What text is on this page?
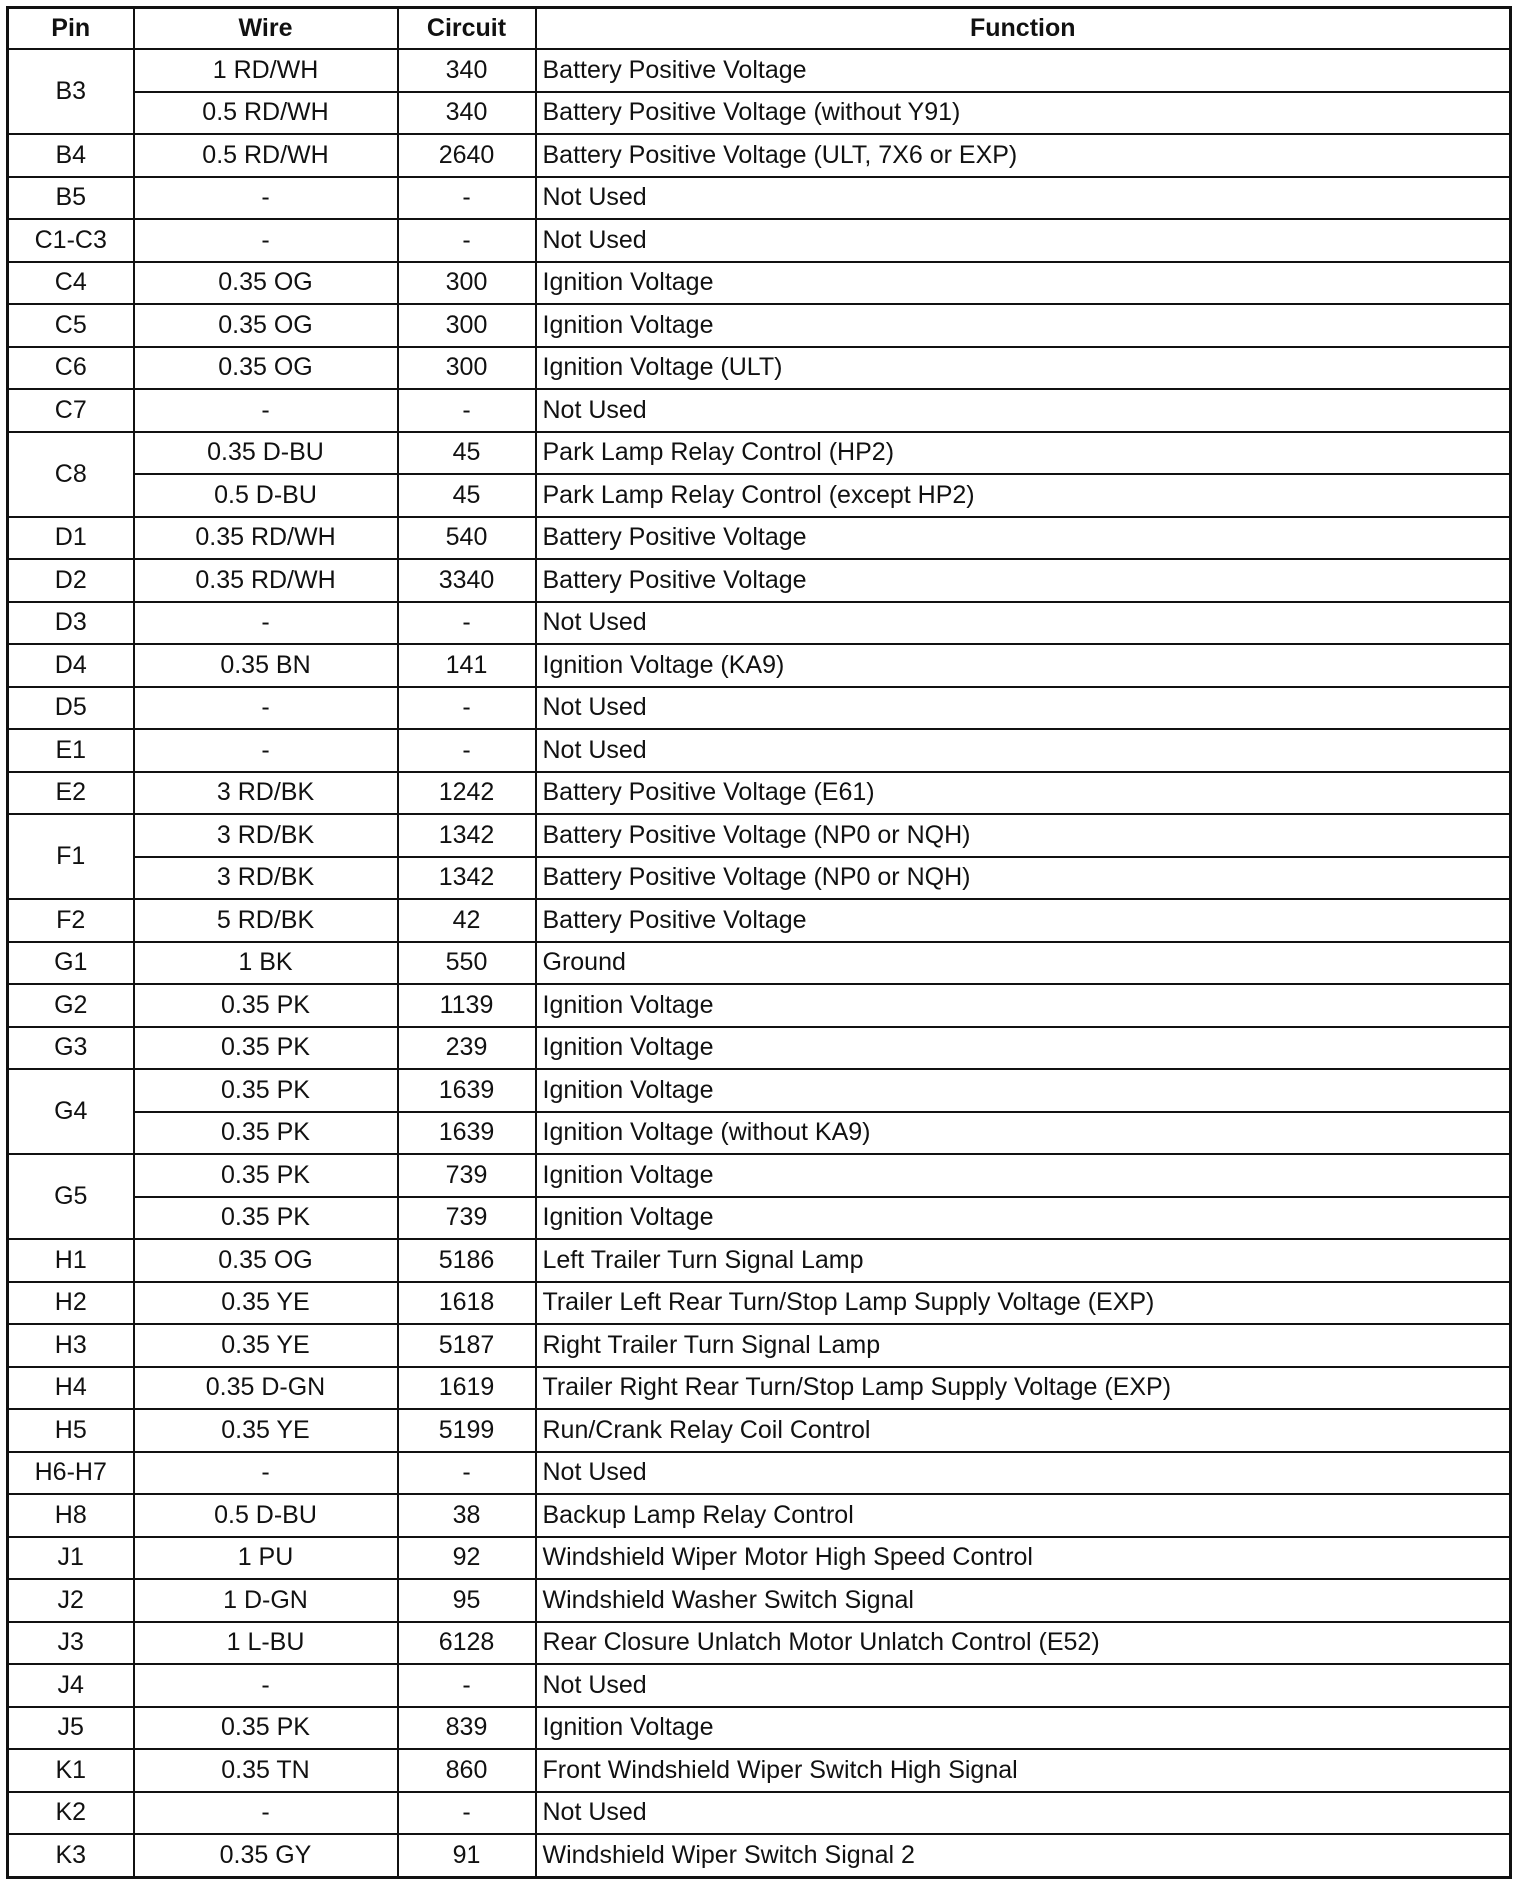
Pin	Wire	Circuit	Function
B3	1 RD/WH	340	Battery Positive Voltage
	0.5 RD/WH	340	Battery Positive Voltage (without Y91)
B4	0.5 RD/WH	2640	Battery Positive Voltage (ULT, 7X6 or EXP)
B5	-	-	Not Used
C1-C3	-	-	Not Used
C4	0.35 OG	300	Ignition Voltage
C5	0.35 OG	300	Ignition Voltage
C6	0.35 OG	300	Ignition Voltage (ULT)
C7	-	-	Not Used
C8	0.35 D-BU	45	Park Lamp Relay Control (HP2)
	0.5 D-BU	45	Park Lamp Relay Control (except HP2)
D1	0.35 RD/WH	540	Battery Positive Voltage
D2	0.35 RD/WH	3340	Battery Positive Voltage
D3	-	-	Not Used
D4	0.35 BN	141	Ignition Voltage (KA9)
D5	-	-	Not Used
E1	-	-	Not Used
E2	3 RD/BK	1242	Battery Positive Voltage (E61)
F1	3 RD/BK	1342	Battery Positive Voltage (NP0 or NQH)
	3 RD/BK	1342	Battery Positive Voltage (NP0 or NQH)
F2	5 RD/BK	42	Battery Positive Voltage
G1	1 BK	550	Ground
G2	0.35 PK	1139	Ignition Voltage
G3	0.35 PK	239	Ignition Voltage
G4	0.35 PK	1639	Ignition Voltage
	0.35 PK	1639	Ignition Voltage (without KA9)
G5	0.35 PK	739	Ignition Voltage
	0.35 PK	739	Ignition Voltage
H1	0.35 OG	5186	Left Trailer Turn Signal Lamp
H2	0.35 YE	1618	Trailer Left Rear Turn/Stop Lamp Supply Voltage (EXP)
H3	0.35 YE	5187	Right Trailer Turn Signal Lamp
H4	0.35 D-GN	1619	Trailer Right Rear Turn/Stop Lamp Supply Voltage (EXP)
H5	0.35 YE	5199	Run/Crank Relay Coil Control
H6-H7	-	-	Not Used
H8	0.5 D-BU	38	Backup Lamp Relay Control
J1	1 PU	92	Windshield Wiper Motor High Speed Control
J2	1 D-GN	95	Windshield Washer Switch Signal
J3	1 L-BU	6128	Rear Closure Unlatch Motor Unlatch Control (E52)
J4	-	-	Not Used
J5	0.35 PK	839	Ignition Voltage
K1	0.35 TN	860	Front Windshield Wiper Switch High Signal
K2	-	-	Not Used
K3	0.35 GY	91	Windshield Wiper Switch Signal 2
